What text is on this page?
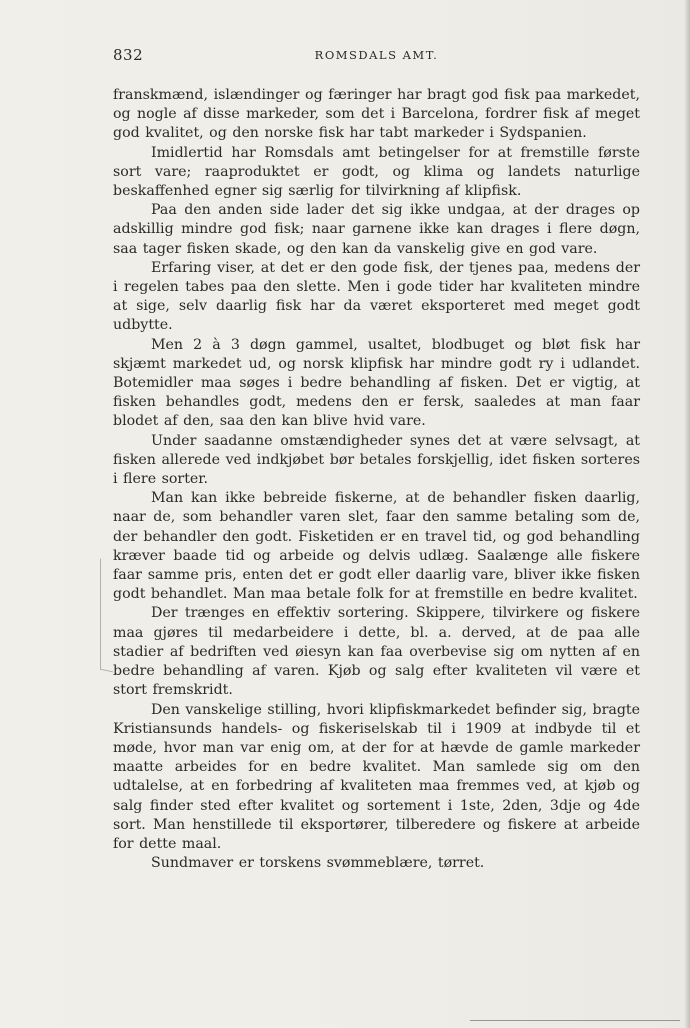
832	ROMSDALS AMT.

franskmænd, islændinger og færinger har bragt god fisk paa markedet, og nogle af disse markeder, som det i Barcelona, fordrer fisk af meget god kvalitet, og den norske fisk har tabt markeder i Sydspanien.

Imidlertid har Romsdals amt betingelser for at fremstille første sort vare; raaproduktet er godt, og klima og landets naturlige beskaffenhed egner sig særlig for tilvirkning af klipfisk.

Paa den anden side lader det sig ikke undgaa, at der drages op adskillig mindre god fisk; naar garnene ikke kan drages i flere døgn, saa tager fisken skade, og den kan da vanskelig give en god vare.

Erfaring viser, at det er den gode fisk, der tjenes paa, medens der i regelen tabes paa den slette. Men i gode tider har kvaliteten mindre at sige, selv daarlig fisk har da været eksporteret med meget godt udbytte.

Men 2 à 3 døgn gammel, usaltet, blodbuget og bløt fisk har skjæmt markedet ud, og norsk klipfisk har mindre godt ry i udlandet. Botemidler maa søges i bedre behandling af fisken. Det er vigtig, at fisken behandles godt, medens den er fersk, saaledes at man faar blodet af den, saa den kan blive hvid vare.

Under saadanne omstændigheder synes det at være selvsagt, at fisken allerede ved indkjøbet bør betales forskjellig, idet fisken sorteres i flere sorter.

Man kan ikke bebreide fiskerne, at de behandler fisken daarlig, naar de, som behandler varen slet, faar den samme betaling som de, der behandler den godt. Fisketiden er en travel tid, og god behandling kræver baade tid og arbeide og delvis udlæg. Saalænge alle fiskere faar samme pris, enten det er godt eller daarlig vare, bliver ikke fisken godt behandlet. Man maa betale folk for at fremstille en bedre kvalitet.

Der trænges en effektiv sortering. Skippere, tilvirkere og fiskere maa gjøres til medarbeidere i dette, bl. a. derved, at de paa alle stadier af bedriften ved øiesyn kan faa overbevise sig om nytten af en bedre behandling af varen. Kjøb og salg efter kvaliteten vil være et stort fremskridt.

Den vanskelige stilling, hvori klipfiskmarkedet befinder sig, bragte Kristiansunds handels- og fiskeriselskab til i 1909 at indbyde til et møde, hvor man var enig om, at der for at hævde de gamle markeder maatte arbeides for en bedre kvalitet. Man samlede sig om den udtalelse, at en forbedring af kvaliteten maa fremmes ved, at kjøb og salg finder sted efter kvalitet og sortement i 1ste, 2den, 3dje og 4de sort. Man henstillede til eksportører, tilberedere og fiskere at arbeide for dette maal.

Sundmaver er torskens svømmeblære, tørret.
